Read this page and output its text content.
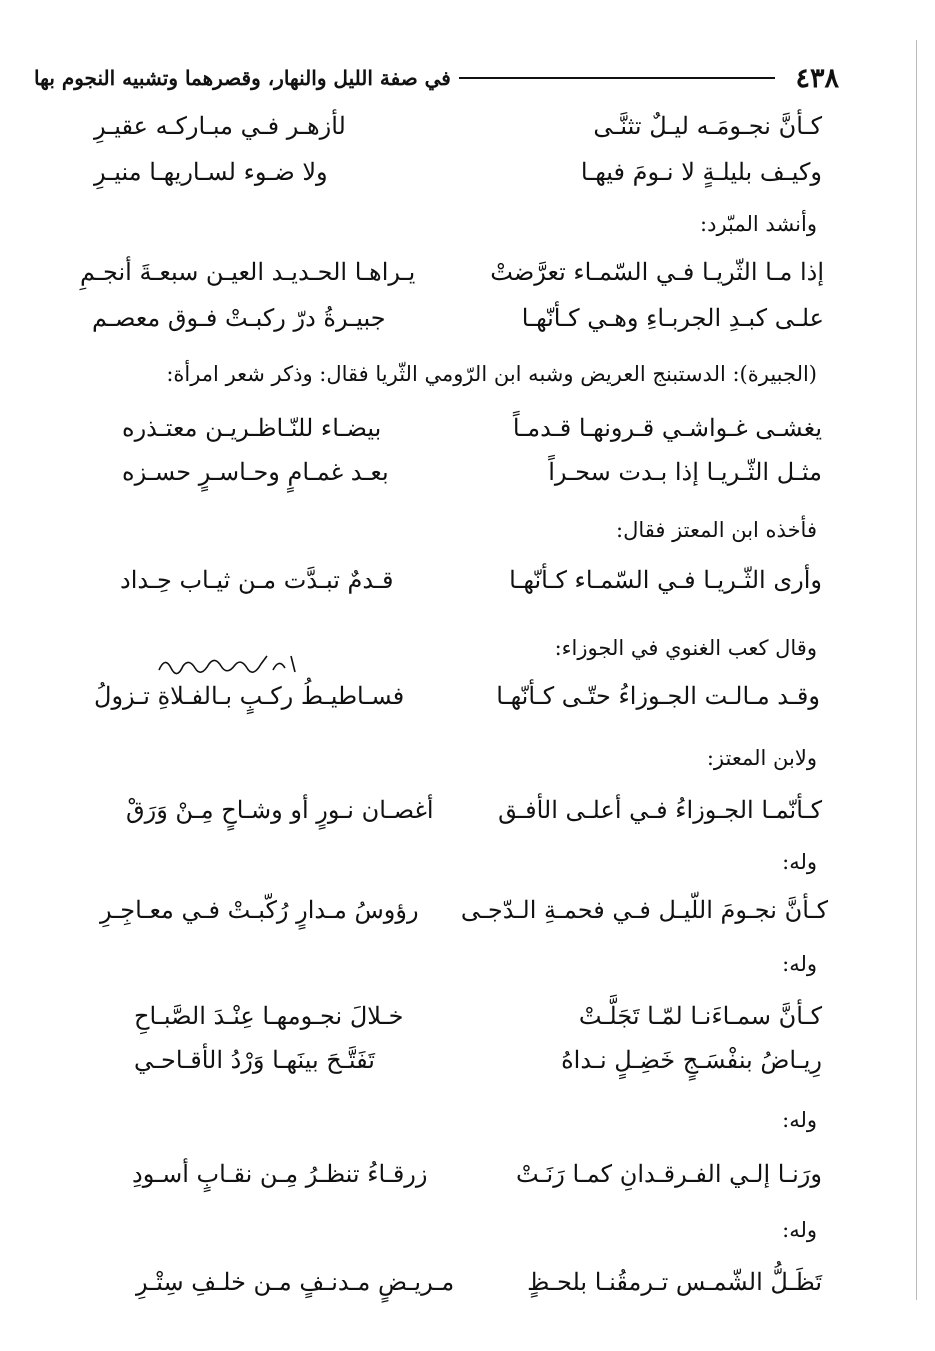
٤٣٨
في صفة الليل والنهار، وقصرهما وتشبيه النجوم بها
كـأنَّ نجـومَـه ليـلٌ تثنَّـى
لأزهـر فـي مبـاركـه عقيـرِ
وكيـف بليلـةٍ لا نـومَ فيهـا
ولا ضـوء لسـاريهـا منيـرِ
وأنشد المبّرد:
إذا مـا الثّريـا فـي السّمـاء تعرَّضتْ
يـراهـا الحـديـد العيـن سبعـةَ أنجـمِ
علـى كبـدِ الجربـاءِ وهـي كـأنّهـا
جبيـرةُ درّ ركبـتْ فـوق معصـم
(الجبيرة): الدستبنج العريض وشبه ابن الرّومي الثّريا فقال: وذكر شعر امرأة:
يغشـى غـواشـي قـرونهـا قـدمـاً
بيضـاء للنّـاظـريـن معتـذره
مثـل الثّـريـا إذا بـدت سحـراً
بعـد غمـامٍ وحـاسـرٍ حسـزه
فأخذه ابن المعتز فقال:
وأرى الثّـريـا فـي السّمـاء كـأنّهـا
قـدمٌ تبـدَّت مـن ثيـاب حِـداد
وقال كعب الغنوي في الجوزاء:
وقـد مـالـت الجـوزاءُ حتّـى كـأنّهـا
فسـاطيـطُ ركـبٍ بـالفـلاةِ تـزولُ
ولابن المعتز:
كـأنّمـا الجـوزاءُ فـي أعلـى الأفـق
أغصـان نـورٍ أو وشـاحٍ مِـنْ وَرَقْ
وله:
كـأنَّ نجـومَ اللّيـل فـي فحمـةِ الـدّجـى
رؤوسُ مـدارٍ رُكّبـتْ فـي معـاجِـرِ
وله:
كـأنَّ سمـاءَنـا لمّـا تَجَلَّـتْ
خـلالَ نجـومهـا عِنْـدَ الصَّبـاحِ
رِيـاضُ بنفْسَـجٍ خَضِـلٍ نـداهُ
تَفَتَّـحَ بينَهـا وَرْدُ الأقـاحـي
وله:
ورَنـا إلـي الفـرقـدانِ كمـا رَنَـتْ
زرقـاءُ تنظـرُ مِـن نقـابٍ أسـودِ
وله:
تَظَـلُّ الشّمـس تـرمقُنـا بلحـظٍ
مـريـضٍ مـدنـفٍ مـن خلـفِ سِتْـرِ
